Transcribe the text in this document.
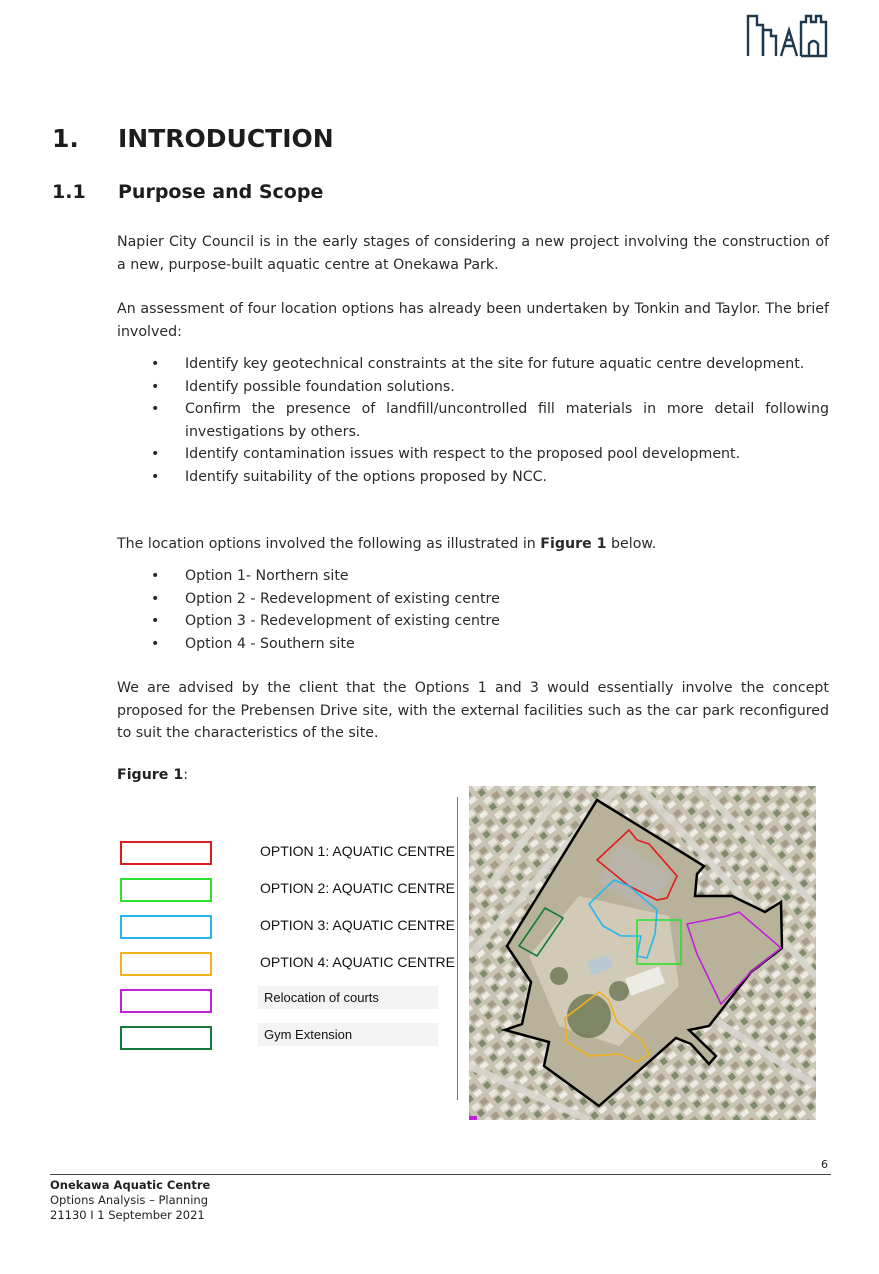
1. INTRODUCTION
1.1 Purpose and Scope

Napier City Council is in the early stages of considering a new project involving the construction of a new, purpose-built aquatic centre at Onekawa Park.

An assessment of four location options has already been undertaken by Tonkin and Taylor. The brief involved:

• Identify key geotechnical constraints at the site for future aquatic centre development.
• Identify possible foundation solutions.
• Confirm the presence of landfill/uncontrolled fill materials in more detail following investigations by others.
• Identify contamination issues with respect to the proposed pool development.
• Identify suitability of the options proposed by NCC.

The location options involved the following as illustrated in Figure 1 below.

• Option 1- Northern site
• Option 2 - Redevelopment of existing centre
• Option 3 - Redevelopment of existing centre
• Option 4 - Southern site

We are advised by the client that the Options 1 and 3 would essentially involve the concept proposed for the Prebensen Drive site, with the external facilities such as the car park reconfigured to suit the characteristics of the site.

Figure 1:
OPTION 1: AQUATIC CENTRE
OPTION 2: AQUATIC CENTRE
OPTION 3: AQUATIC CENTRE
OPTION 4: AQUATIC CENTRE
Relocation of courts
Gym Extension
6
Onekawa Aquatic Centre
Options Analysis – Planning
21130 I 1 September 2021
